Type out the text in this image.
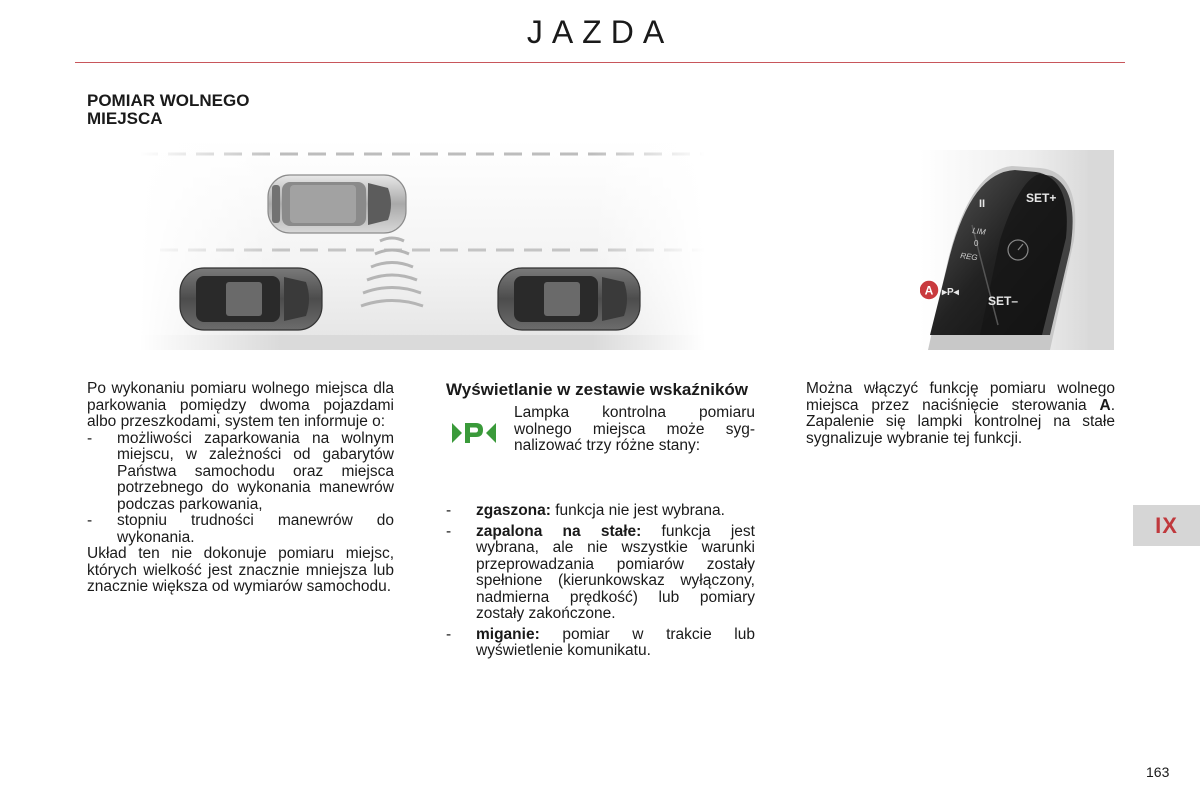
JAZDA
POMIAR WOLNEGO MIEJSCA
II	SET+
LIM
0
REG
SET–
▸P◂
A

Po wykonaniu pomiaru wolnego miejsca dla parkowania pomiędzy dwoma pojazdami albo przeszkodami, system ten informuje o:

- możliwości zaparkowania na wolnym miejscu, w zależności od gabarytów Państwa samochodu oraz miejsca potrzebnego do wykonania manewrów podczas parkowania,
- stopniu trudności manewrów do wykonania.

Układ ten nie dokonuje pomiaru miejsc, których wielkość jest znacznie mniejsza lub znacznie większa od wymiarów samochodu.

Wyświetlanie w zestawie wskaźników
Lampka kontrolna pomiaru wolnego miejsca może sygnalizować trzy różne stany:
- zgaszona: funkcja nie jest wybrana.
- zapalona na stałe: funkcja jest wybrana, ale nie wszystkie warunki przeprowadzania pomiarów zostały spełnione (kierunkowskaz wyłączony, nadmierna prędkość) lub pomiary zostały zakończone.
- miganie: pomiar w trakcie lub wyświetlenie komunikatu.

Można włączyć funkcję pomiaru wolnego miejsca przez naciśnięcie sterowania A. Zapalenie się lampki kontrolnej na stałe sygnalizuje wybranie tej funkcji.

IX
163
